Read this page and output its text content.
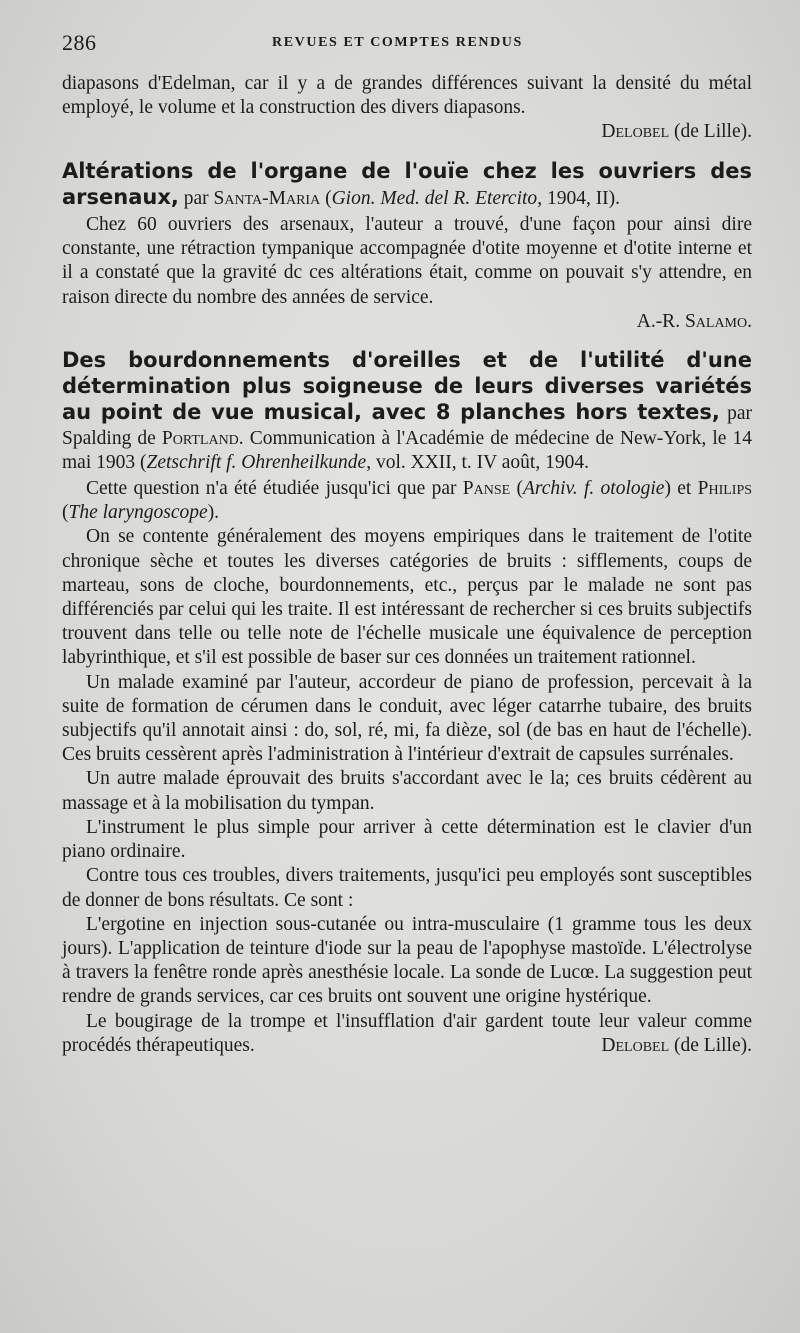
286	REVUES ET COMPTES RENDUS

diapasons d'Edelman, car il y a de grandes différences suivant la densité du métal employé, le volume et la construction des divers diapasons.

Delobel (de Lille).

Altérations de l'organe de l'ouïe chez les ouvriers des arsenaux, par Santa-Maria (Gion. Med. del R. Etercito, 1904, II).

Chez 60 ouvriers des arsenaux, l'auteur a trouvé, d'une façon pour ainsi dire constante, une rétraction tympanique accompagnée d'otite moyenne et d'otite interne et il a constaté que la gravité dc ces altérations était, comme on pouvait s'y attendre, en raison directe du nombre des années de service.

A.-R. Salamo.

Des bourdonnements d'oreilles et de l'utilité d'une détermination plus soigneuse de leurs diverses variétés au point de vue musical, avec 8 planches hors textes, par Spalding de Portland. Communication à l'Académie de médecine de New-York, le 14 mai 1903 (Zetschrift f. Ohrenheilkunde, vol. XXII, t. IV août, 1904.

Cette question n'a été étudiée jusqu'ici que par Panse (Archiv. f. otologie) et Philips (The laryngoscope).

On se contente généralement des moyens empiriques dans le traitement de l'otite chronique sèche et toutes les diverses catégories de bruits : sifflements, coups de marteau, sons de cloche, bourdonnements, etc., perçus par le malade ne sont pas différenciés par celui qui les traite. Il est intéressant de rechercher si ces bruits subjectifs trouvent dans telle ou telle note de l'échelle musicale une équivalence de perception labyrinthique, et s'il est possible de baser sur ces données un traitement rationnel.

Un malade examiné par l'auteur, accordeur de piano de profession, percevait à la suite de formation de cérumen dans le conduit, avec léger catarrhe tubaire, des bruits subjectifs qu'il annotait ainsi : do, sol, ré, mi, fa dièze, sol (de bas en haut de l'échelle). Ces bruits cessèrent après l'administration à l'intérieur d'extrait de capsules surrénales.

Un autre malade éprouvait des bruits s'accordant avec le la; ces bruits cédèrent au massage et à la mobilisation du tympan.

L'instrument le plus simple pour arriver à cette détermination est le clavier d'un piano ordinaire.

Contre tous ces troubles, divers traitements, jusqu'ici peu employés sont susceptibles de donner de bons résultats. Ce sont :

L'ergotine en injection sous-cutanée ou intra-musculaire (1 gramme tous les deux jours). L'application de teinture d'iode sur la peau de l'apophyse mastoïde. L'électrolyse à travers la fenêtre ronde après anesthésie locale. La sonde de Lucœ. La suggestion peut rendre de grands services, car ces bruits ont souvent une origine hystérique.

Le bougirage de la trompe et l'insufflation d'air gardent toute leur valeur comme procédés thérapeutiques.	Delobel (de Lille).
